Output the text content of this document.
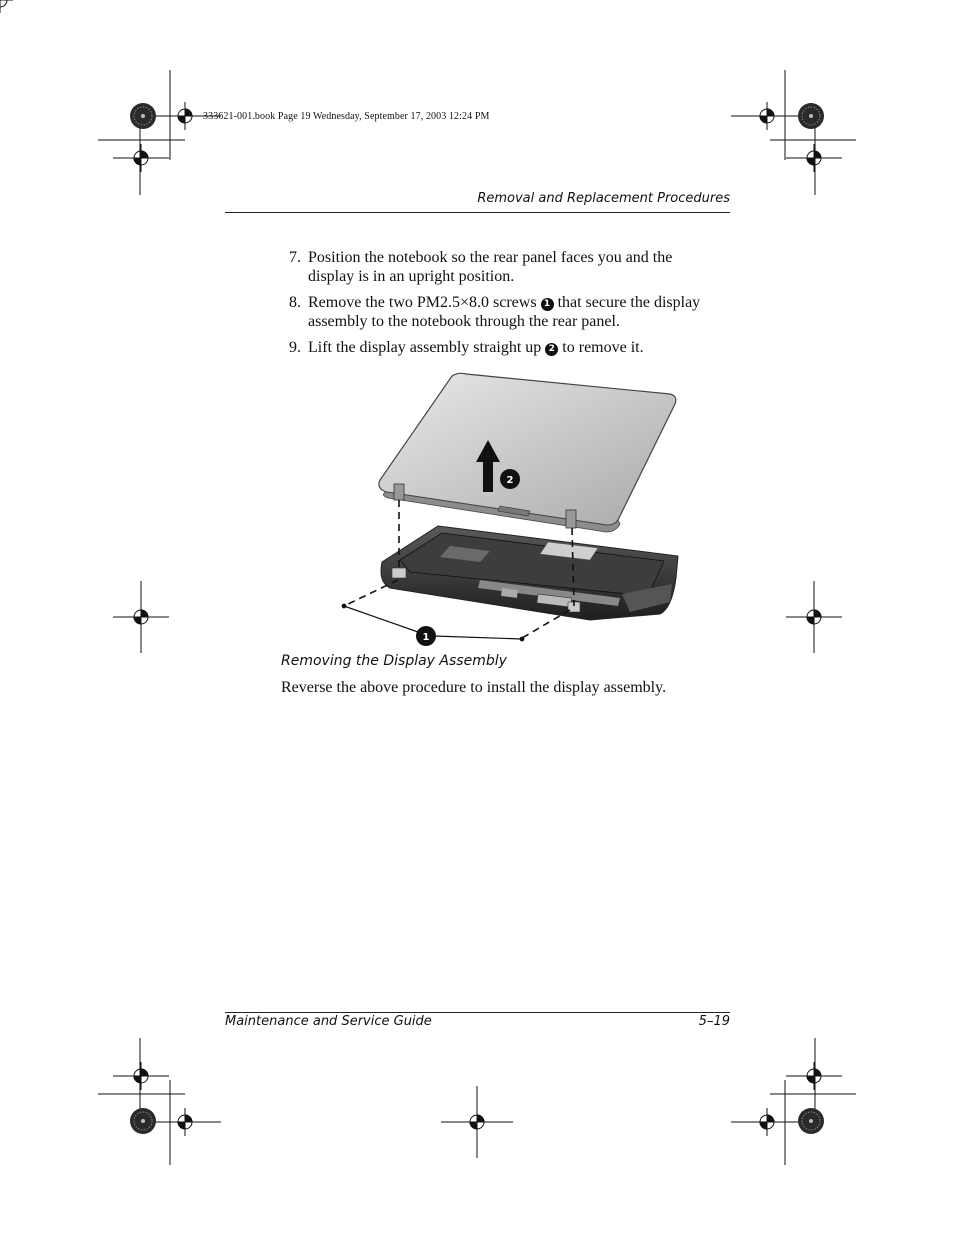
333621-001.book Page 19 Wednesday, September 17, 2003 12:24 PM
Removal and Replacement Procedures
7. Position the notebook so the rear panel faces you and the
display is in an upright position.
8. Remove the two PM2.5×8.0 screws 1 that secure the display
assembly to the notebook through the rear panel.
9. Lift the display assembly straight up 2 to remove it.
2
1
Removing the Display Assembly
Reverse the above procedure to install the display assembly.
Maintenance and Service Guide	5–19
